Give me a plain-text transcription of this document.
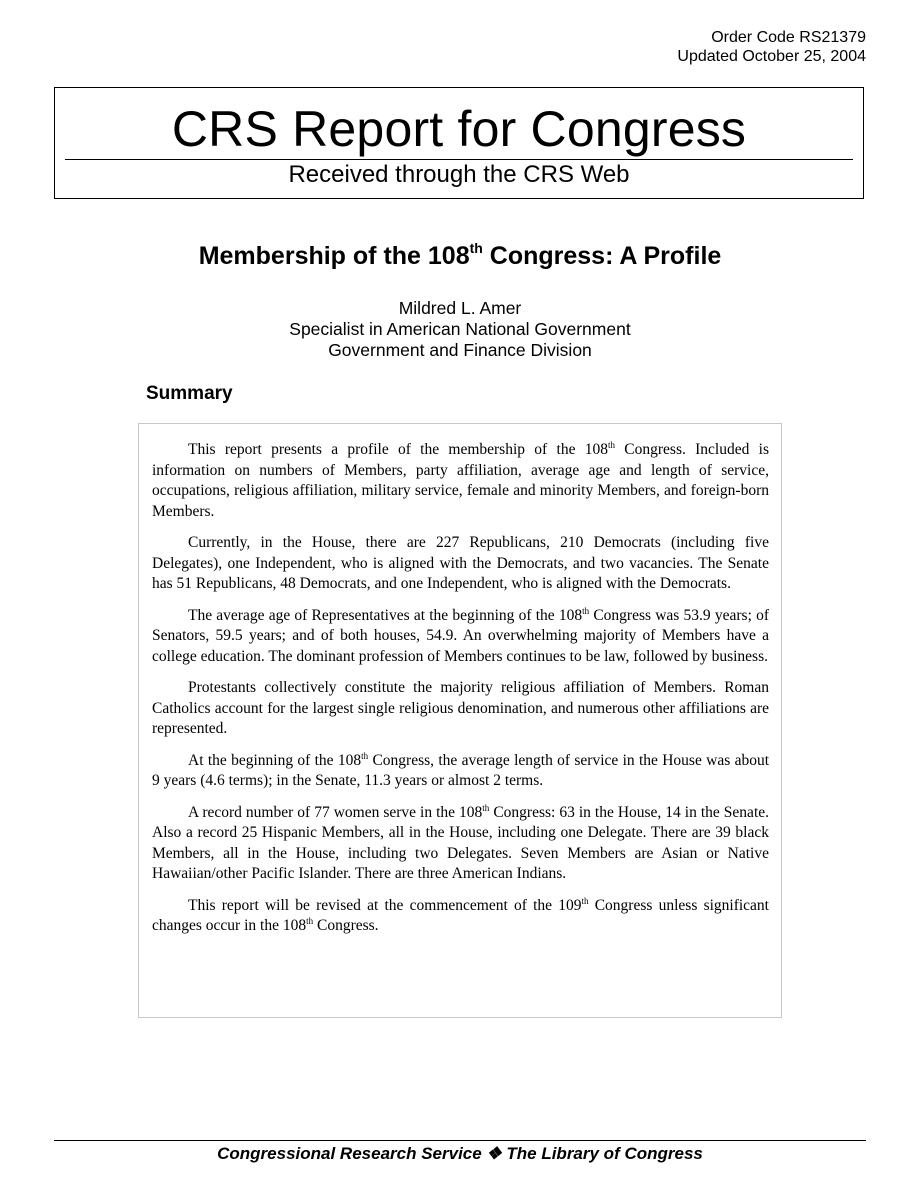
Order Code RS21379
Updated October 25, 2004
CRS Report for Congress
Received through the CRS Web
Membership of the 108th Congress: A Profile
Mildred L. Amer
Specialist in American National Government
Government and Finance Division
Summary

This report presents a profile of the membership of the 108th Congress. Included is information on numbers of Members, party affiliation, average age and length of service, occupations, religious affiliation, military service, female and minority Members, and foreign-born Members.

Currently, in the House, there are 227 Republicans, 210 Democrats (including five Delegates), one Independent, who is aligned with the Democrats, and two vacancies. The Senate has 51 Republicans, 48 Democrats, and one Independent, who is aligned with the Democrats.

The average age of Representatives at the beginning of the 108th Congress was 53.9 years; of Senators, 59.5 years; and of both houses, 54.9. An overwhelming majority of Members have a college education. The dominant profession of Members continues to be law, followed by business.

Protestants collectively constitute the majority religious affiliation of Members. Roman Catholics account for the largest single religious denomination, and numerous other affiliations are represented.

At the beginning of the 108th Congress, the average length of service in the House was about 9 years (4.6 terms); in the Senate, 11.3 years or almost 2 terms.

A record number of 77 women serve in the 108th Congress: 63 in the House, 14 in the Senate. Also a record 25 Hispanic Members, all in the House, including one Delegate. There are 39 black Members, all in the House, including two Delegates. Seven Members are Asian or Native Hawaiian/other Pacific Islander. There are three American Indians.

This report will be revised at the commencement of the 109th Congress unless significant changes occur in the 108th Congress.

Congressional Research Service ❖ The Library of Congress
